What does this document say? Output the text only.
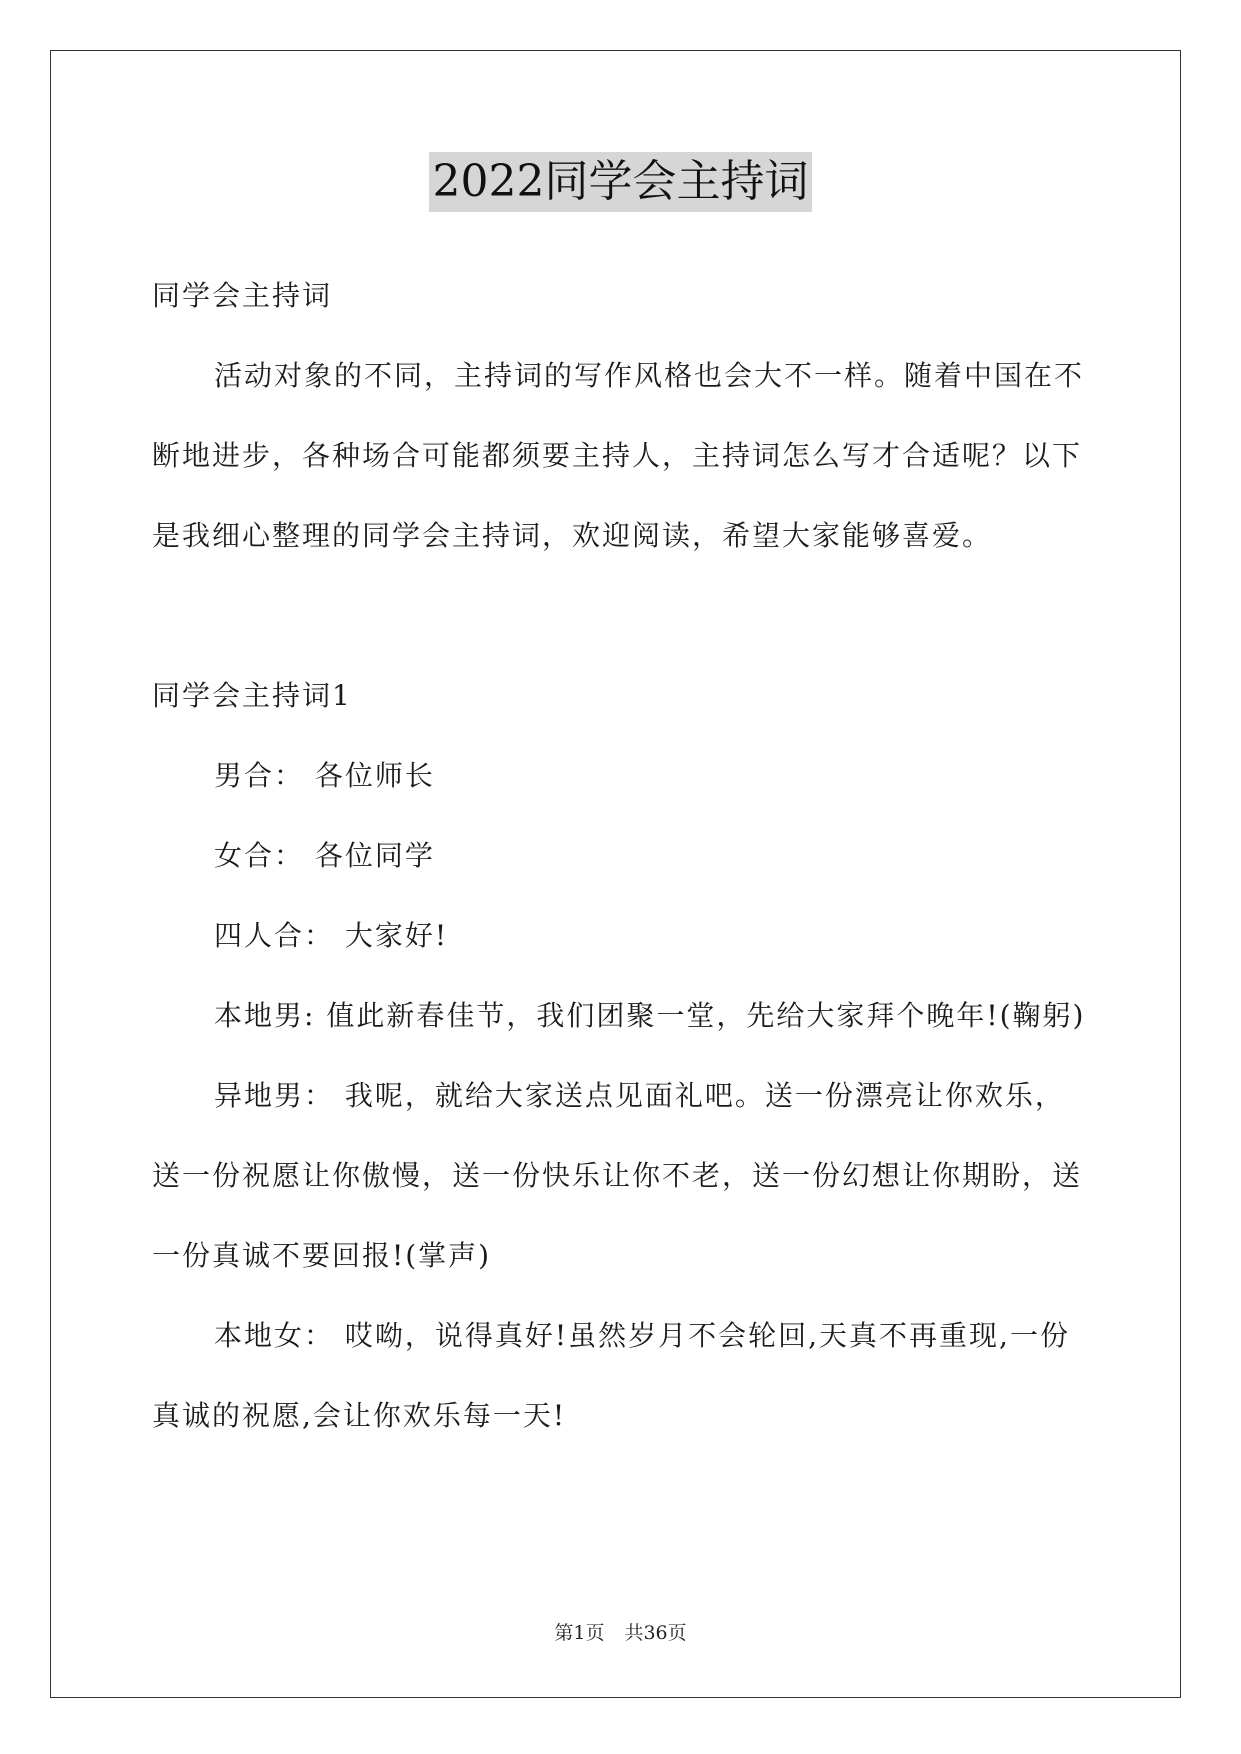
2022同学会主持词

同学会主持词

活动对象的不同，主持词的写作风格也会大不一样。随着中国在不断地进步，各种场合可能都须要主持人，主持词怎么写才合适呢？以下是我细心整理的同学会主持词，欢迎阅读，希望大家能够喜爱。

同学会主持词1

男合： 各位师长

女合： 各位同学

四人合： 大家好!

本地男: 值此新春佳节，我们团聚一堂，先给大家拜个晚年!(鞠躬)

异地男： 我呢，就给大家送点见面礼吧。送一份漂亮让你欢乐，送一份祝愿让你傲慢，送一份快乐让你不老，送一份幻想让你期盼，送一份真诚不要回报!(掌声)

本地女： 哎呦，说得真好!虽然岁月不会轮回,天真不再重现,一份真诚的祝愿,会让你欢乐每一天!

第1页 共36页
